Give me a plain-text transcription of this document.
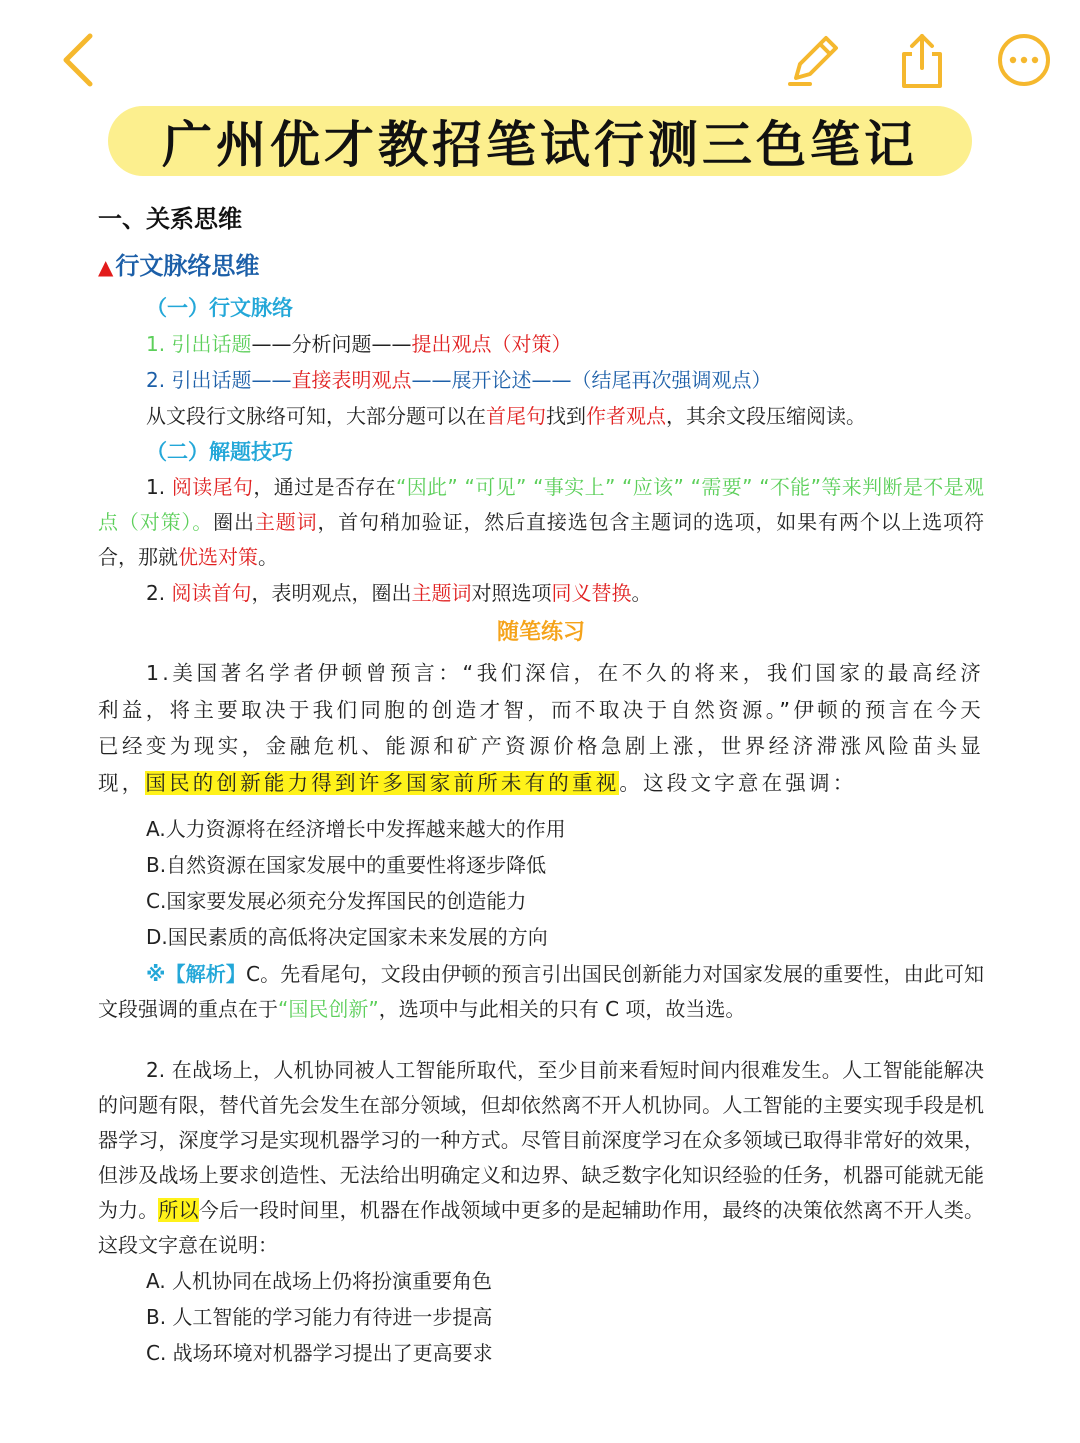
广州优才教招笔试行测三色笔记
一、关系思维
▲行文脉络思维
（一）行文脉络
1. 引出话题——分析问题——提出观点（对策）
2. 引出话题——直接表明观点——展开论述——（结尾再次强调观点）
从文段行文脉络可知，大部分题可以在首尾句找到作者观点，其余文段压缩阅读。
（二）解题技巧
1. 阅读尾句，通过是否存在“因此” “可见” “事实上” “应该” “需要” “不能”等来判断是不是观点（对策）。圈出主题词，首句稍加验证，然后直接选包含主题词的选项，如果有两个以上选项符合，那就优选对策。
2. 阅读首句，表明观点，圈出主题词对照选项同义替换。
随笔练习
1.美国著名学者伊顿曾预言：“我们深信，在不久的将来，我们国家的最高经济利益，将主要取决于我们同胞的创造才智，而不取决于自然资源。”伊顿的预言在今天已经变为现实，金融危机、能源和矿产资源价格急剧上涨，世界经济滞涨风险苗头显现，国民的创新能力得到许多国家前所未有的重视。这段文字意在强调：
A.人力资源将在经济增长中发挥越来越大的作用
B.自然资源在国家发展中的重要性将逐步降低
C.国家要发展必须充分发挥国民的创造能力
D.国民素质的高低将决定国家未来发展的方向
※【解析】C。先看尾句，文段由伊顿的预言引出国民创新能力对国家发展的重要性，由此可知文段强调的重点在于“国民创新”，选项中与此相关的只有 C 项，故当选。
2. 在战场上，人机协同被人工智能所取代，至少目前来看短时间内很难发生。人工智能能解决的问题有限，替代首先会发生在部分领域，但却依然离不开人机协同。人工智能的主要实现手段是机器学习，深度学习是实现机器学习的一种方式。尽管目前深度学习在众多领域已取得非常好的效果，但涉及战场上要求创造性、无法给出明确定义和边界、缺乏数字化知识经验的任务，机器可能就无能为力。所以今后一段时间里，机器在作战领域中更多的是起辅助作用，最终的决策依然离不开人类。这段文字意在说明：
A. 人机协同在战场上仍将扮演重要角色
B. 人工智能的学习能力有待进一步提高
C. 战场环境对机器学习提出了更高要求
